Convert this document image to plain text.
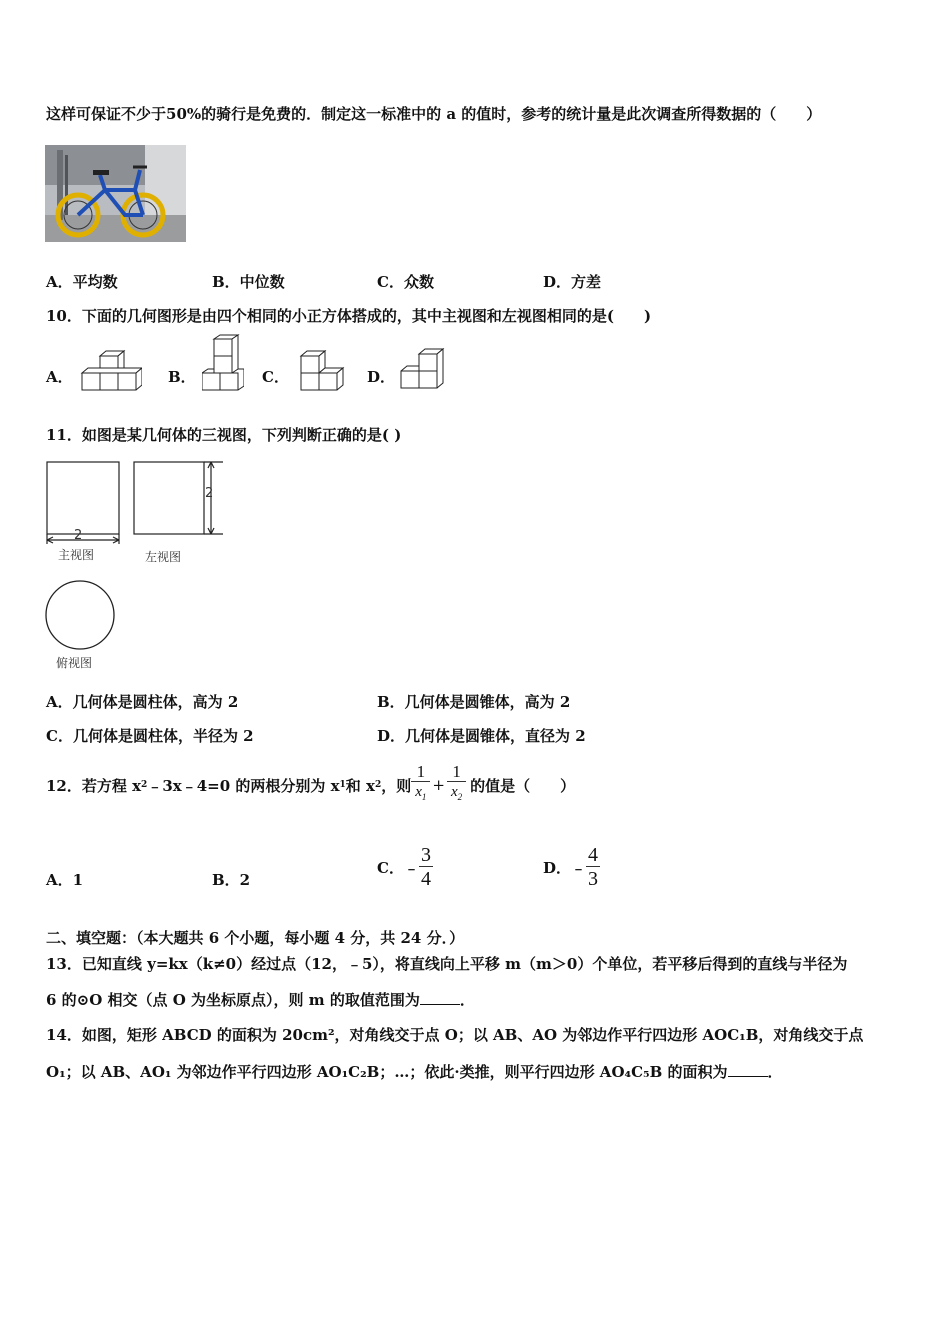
这样可保证不少于50%的骑行是免费的．制定这一标准中的 a 的值时，参考的统计量是此次调查所得数据的（　　）
A．平均数	B．中位数	C．众数	D．方差
10．下面的几何图形是由四个相同的小正方体搭成的，其中主视图和左视图相同的是(　　)
A．	B．	C．	D．
11．如图是某几何体的三视图，下列判断正确的是( )
2
主视图
2
左视图
俯视图
A．几何体是圆柱体，高为 2	B．几何体是圆锥体，高为 2
C．几何体是圆柱体，半径为 2	D．几何体是圆锥体，直径为 2
12．若方程 x 2 ﹣3x﹣4=0 的两根分别为 x 1 和 x 2 ，则 $\frac{1}{x_1} + \frac{1}{x_2}$ 的值是（　　）
A．1	B．2
C．﹣ $\frac{3}{4}$	D．﹣ $\frac{4}{3}$
二、填空题：（本大题共 6 个小题，每小题 4 分，共 24 分．）
13．已知直线 y=kx（k≠0）经过点（12，﹣5），将直线向上平移 m（m＞0）个单位，若平移后得到的直线与半径为
6 的⊙O 相交（点 O 为坐标原点），则 m 的取值范围为	．
14．如图，矩形 ABCD 的面积为 20cm²，对角线交于点 O；以 AB、AO 为邻边作平行四边形 AOC₁B，对角线交于点
O₁；以 AB、AO₁ 为邻边作平行四边形 AO₁C₂B；…；依此·类推，则平行四边形 AO₄C₅B 的面积为	．
